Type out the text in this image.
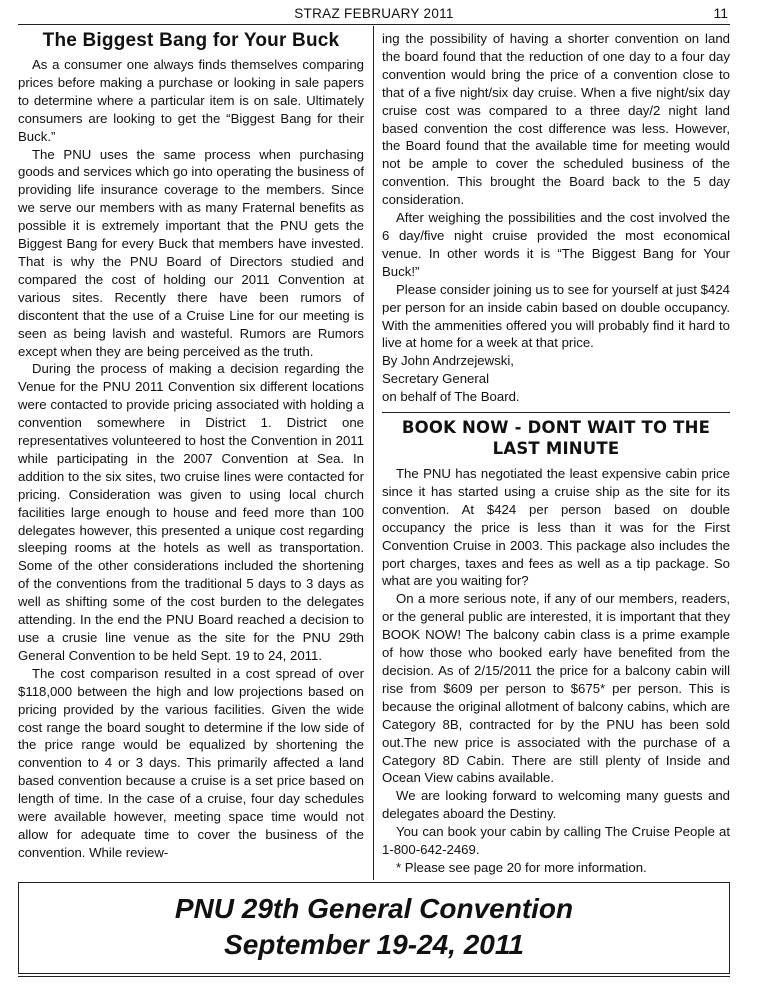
STRAZ FEBRUARY 2011	11
The Biggest Bang for Your Buck

As a consumer one always finds themselves comparing prices before making a purchase or looking in sale papers to determine where a particular item is on sale. Ultimately consumers are looking to get the “Biggest Bang for their Buck.”

The PNU uses the same process when purchasing goods and services which go into operating the business of providing life insurance coverage to the members. Since we serve our members with as many Fraternal benefits as possible it is extremely important that the PNU gets the Biggest Bang for every Buck that members have invested. That is why the PNU Board of Directors studied and compared the cost of holding our 2011 Convention at various sites. Recently there have been rumors of discontent that the use of a Cruise Line for our meeting is seen as being lavish and wasteful. Rumors are Rumors except when they are being perceived as the truth.

During the process of making a decision regarding the Venue for the PNU 2011 Convention six different locations were contacted to provide pricing associated with holding a convention somewhere in District 1. District one representatives volunteered to host the Convention in 2011 while participating in the 2007 Convention at Sea. In addition to the six sites, two cruise lines were contacted for pricing. Consideration was given to using local church facilities large enough to house and feed more than 100 delegates however, this presented a unique cost regarding sleeping rooms at the hotels as well as transportation. Some of the other considerations included the shortening of the conventions from the traditional 5 days to 3 days as well as shifting some of the cost burden to the delegates attending. In the end the PNU Board reached a decision to use a crusie line venue as the site for the PNU 29th General Convention to be held Sept. 19 to 24, 2011.

The cost comparison resulted in a cost spread of over $118,000 between the high and low projections based on pricing provided by the various facilities. Given the wide cost range the board sought to determine if the low side of the price range would be equalized by shortening the convention to 4 or 3 days. This primarily affected a land based convention because a cruise is a set price based on length of time. In the case of a cruise, four day schedules were available however, meeting space time would not allow for adequate time to cover the business of the convention. While review-

ing the possibility of having a shorter convention on land the board found that the reduction of one day to a four day convention would bring the price of a convention close to that of a five night/six day cruise. When a five night/six day cruise cost was compared to a three day/2 night land based convention the cost difference was less. However, the Board found that the available time for meeting would not be ample to cover the scheduled business of the convention. This brought the Board back to the 5 day consideration.

After weighing the possibilities and the cost involved the 6 day/five night cruise provided the most economical venue. In other words it is “The Biggest Bang for Your Buck!”

Please consider joining us to see for yourself at just $424 per person for an inside cabin based on double occupancy. With the ammenities offered you will probably find it hard to live at home for a week at that price.

By John Andrzejewski,

Secretary General

on behalf of The Board.

BOOK NOW - DONT WAIT TO THE LAST MINUTE

The PNU has negotiated the least expensive cabin price since it has started using a cruise ship as the site for its convention. At $424 per person based on double occupancy the price is less than it was for the First Convention Cruise in 2003. This package also includes the port charges, taxes and fees as well as a tip package. So what are you waiting for?

On a more serious note, if any of our members, readers, or the general public are interested, it is important that they BOOK NOW! The balcony cabin class is a prime example of how those who booked early have benefited from the decision. As of 2/15/2011 the price for a balcony cabin will rise from $609 per person to $675* per person. This is because the original allotment of balcony cabins, which are Category 8B, contracted for by the PNU has been sold out.The new price is associated with the purchase of a Category 8D Cabin. There are still plenty of Inside and Ocean View cabins available.

We are looking forward to welcoming many guests and delegates aboard the Destiny.

You can book your cabin by calling The Cruise People at 1-800-642-2469.

* Please see page 20 for more information.

PNU 29th General Convention
September 19-24, 2011
